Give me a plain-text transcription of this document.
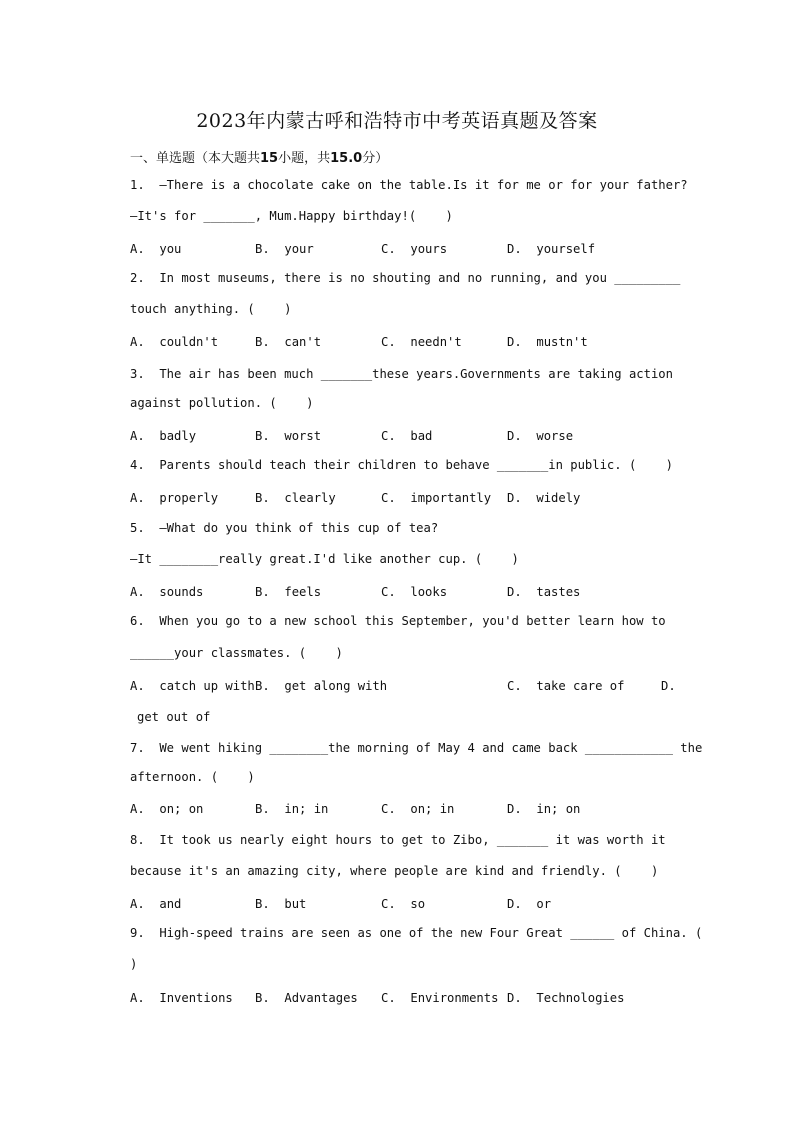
2023年内蒙古呼和浩特市中考英语真题及答案
一、单选题（本大题共15小题，共15.0分）
1.  —There is a chocolate cake on the table.Is it for me or for your father?
—It's for _______, Mum.Happy birthday!(    )
A. you	B. your	C. yours	D. yourself
2.  In most museums, there is no shouting and no running, and you _________
touch anything. (    )
A. couldn't	B. can't	C. needn't	D. mustn't
3.  The air has been much _______these years.Governments are taking action
against pollution. (    )
A. badly	B. worst	C. bad	D. worse
4.  Parents should teach their children to behave _______in public. (    )
A. properly	B. clearly	C. importantly D. widely
5.  —What do you think of this cup of tea?
—It ________really great.I'd like another cup. (    )
A. sounds	B. feels	C. looks	D. tastes
6.  When you go to a new school this September, you'd better learn how to
______your classmates. (    )
A. catch up with B. get along with	C. take care of	D.
get out of
7.  We went hiking ________the morning of May 4 and came back ____________ the
afternoon. (    )
A. on; on	B. in; in	C. on; in	D. in; on
8.  It took us nearly eight hours to get to Zibo, _______ it was worth it
because it's an amazing city, where people are kind and friendly. (    )
A. and	B. but	C. so	D. or
9.  High-speed trains are seen as one of the new Four Great ______ of China. (
)
A. Inventions B. Advantages C. Environments D. Technologies
